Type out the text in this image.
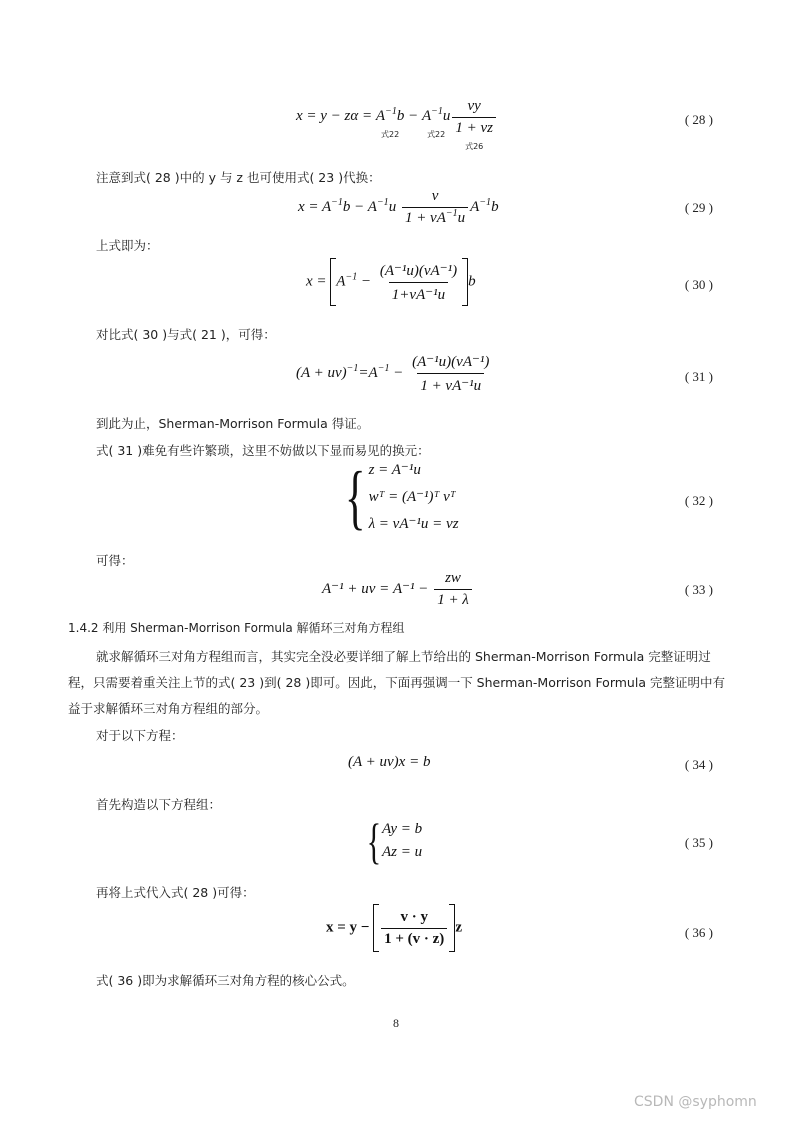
$x = y - z\alpha = A^{-1}b$
式22
− $A^{-1}u$
式$22 \frac{\nu y}{1 + \nu z}$
式26
( 28 )
注意到式( 28 )中的 y 与 z 也可使用式( 23 )代换：
$x = A^{-1}b - A^{-1}u \frac{\nu}{1 + \nu A^{-1}u} A^{-1}b$	( 29 )
上式即为：
$x = A^{-1} - \frac{\text{(A⁻¹u)(νA⁻¹)}}{\text{1+νA⁻¹u}}$ b	( 30 )
对比式( 30 )与式( 21 )，可得：
$(A + u\nu)^{-1}=A^{-1} - \frac{\text{(A⁻¹u)(νA⁻¹)}}{\text{1 + νA⁻¹u}}$	( 31 )
到此为止，Sherman-Morrison Formula 得证。
式( 31 )难免有些许繁琐，这里不妨做以下显而易见的换元：
{ z = A⁻¹u
wᵀ = (A⁻¹)ᵀ νᵀ
λ = νA⁻¹u = νz
( 32 )
可得：
$A^{-1} + u\nu = A^{-1} - \frac{zw}{1 + \lambda}$	( 33 )
1.4.2 利用 Sherman-Morrison Formula 解循环三对角方程组
就求解循环三对角方程组而言，其实完全没必要详细了解上节给出的 Sherman-Morrison Formula 完整证明过
程，只需要着重关注上节的式( 23 )到( 28 )即可。因此，下面再强调一下 Sherman-Morrison Formula 完整证明中有
益于求解循环三对角方程组的部分。
对于以下方程：
(A + uν)x = b	( 34 )
首先构造以下方程组：
{ Ay = b
Az = u
( 35 )
再将上式代入式( 28 )可得：
$x = y - \frac{v \cdot y}{1 + (v \cdot z)}$ z	( 36 )
式( 36 )即为求解循环三对角方程的核心公式。
8
CSDN @syphomn
